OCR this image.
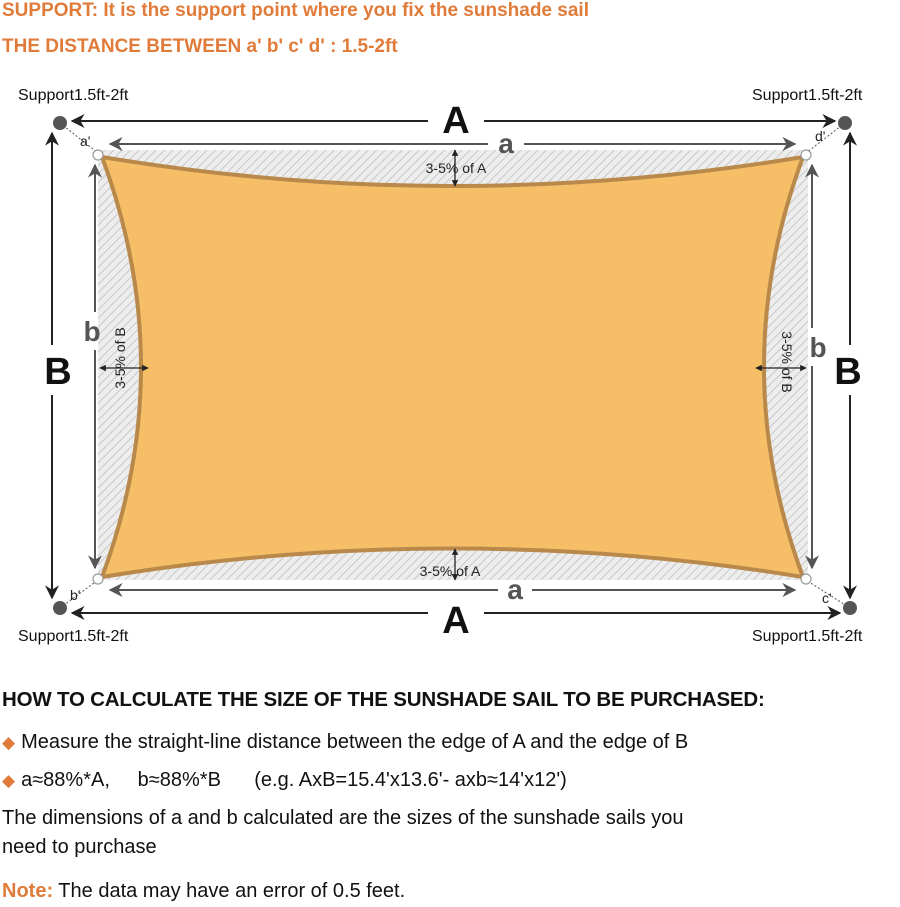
SUPPORT: It is the support point where you fix the sunshade sail
THE DISTANCE BETWEEN a' b' c' d' : 1.5-2ft
Support1.5ft-2ft	Support1.5ft-2ft
Support1.5ft-2ft	Support1.5ft-2ft
A
A
a
a
B	B
b
b
a'
b'	c'
d'
3-5% of A
3-5% of A
3-5% of B	3-5% of B
HOW TO CALCULATE THE SIZE OF THE SUNSHADE SAIL TO BE PURCHASED:
◆ Measure the straight-line distance between the edge of A and the edge of B
◆ a≈88%*A,     b≈88%*B      (e.g. AxB=15.4'x13.6'- axb≈14'x12')
The dimensions of a and b calculated are the sizes of the sunshade sails you
need to purchase
Note: The data may have an error of 0.5 feet.
